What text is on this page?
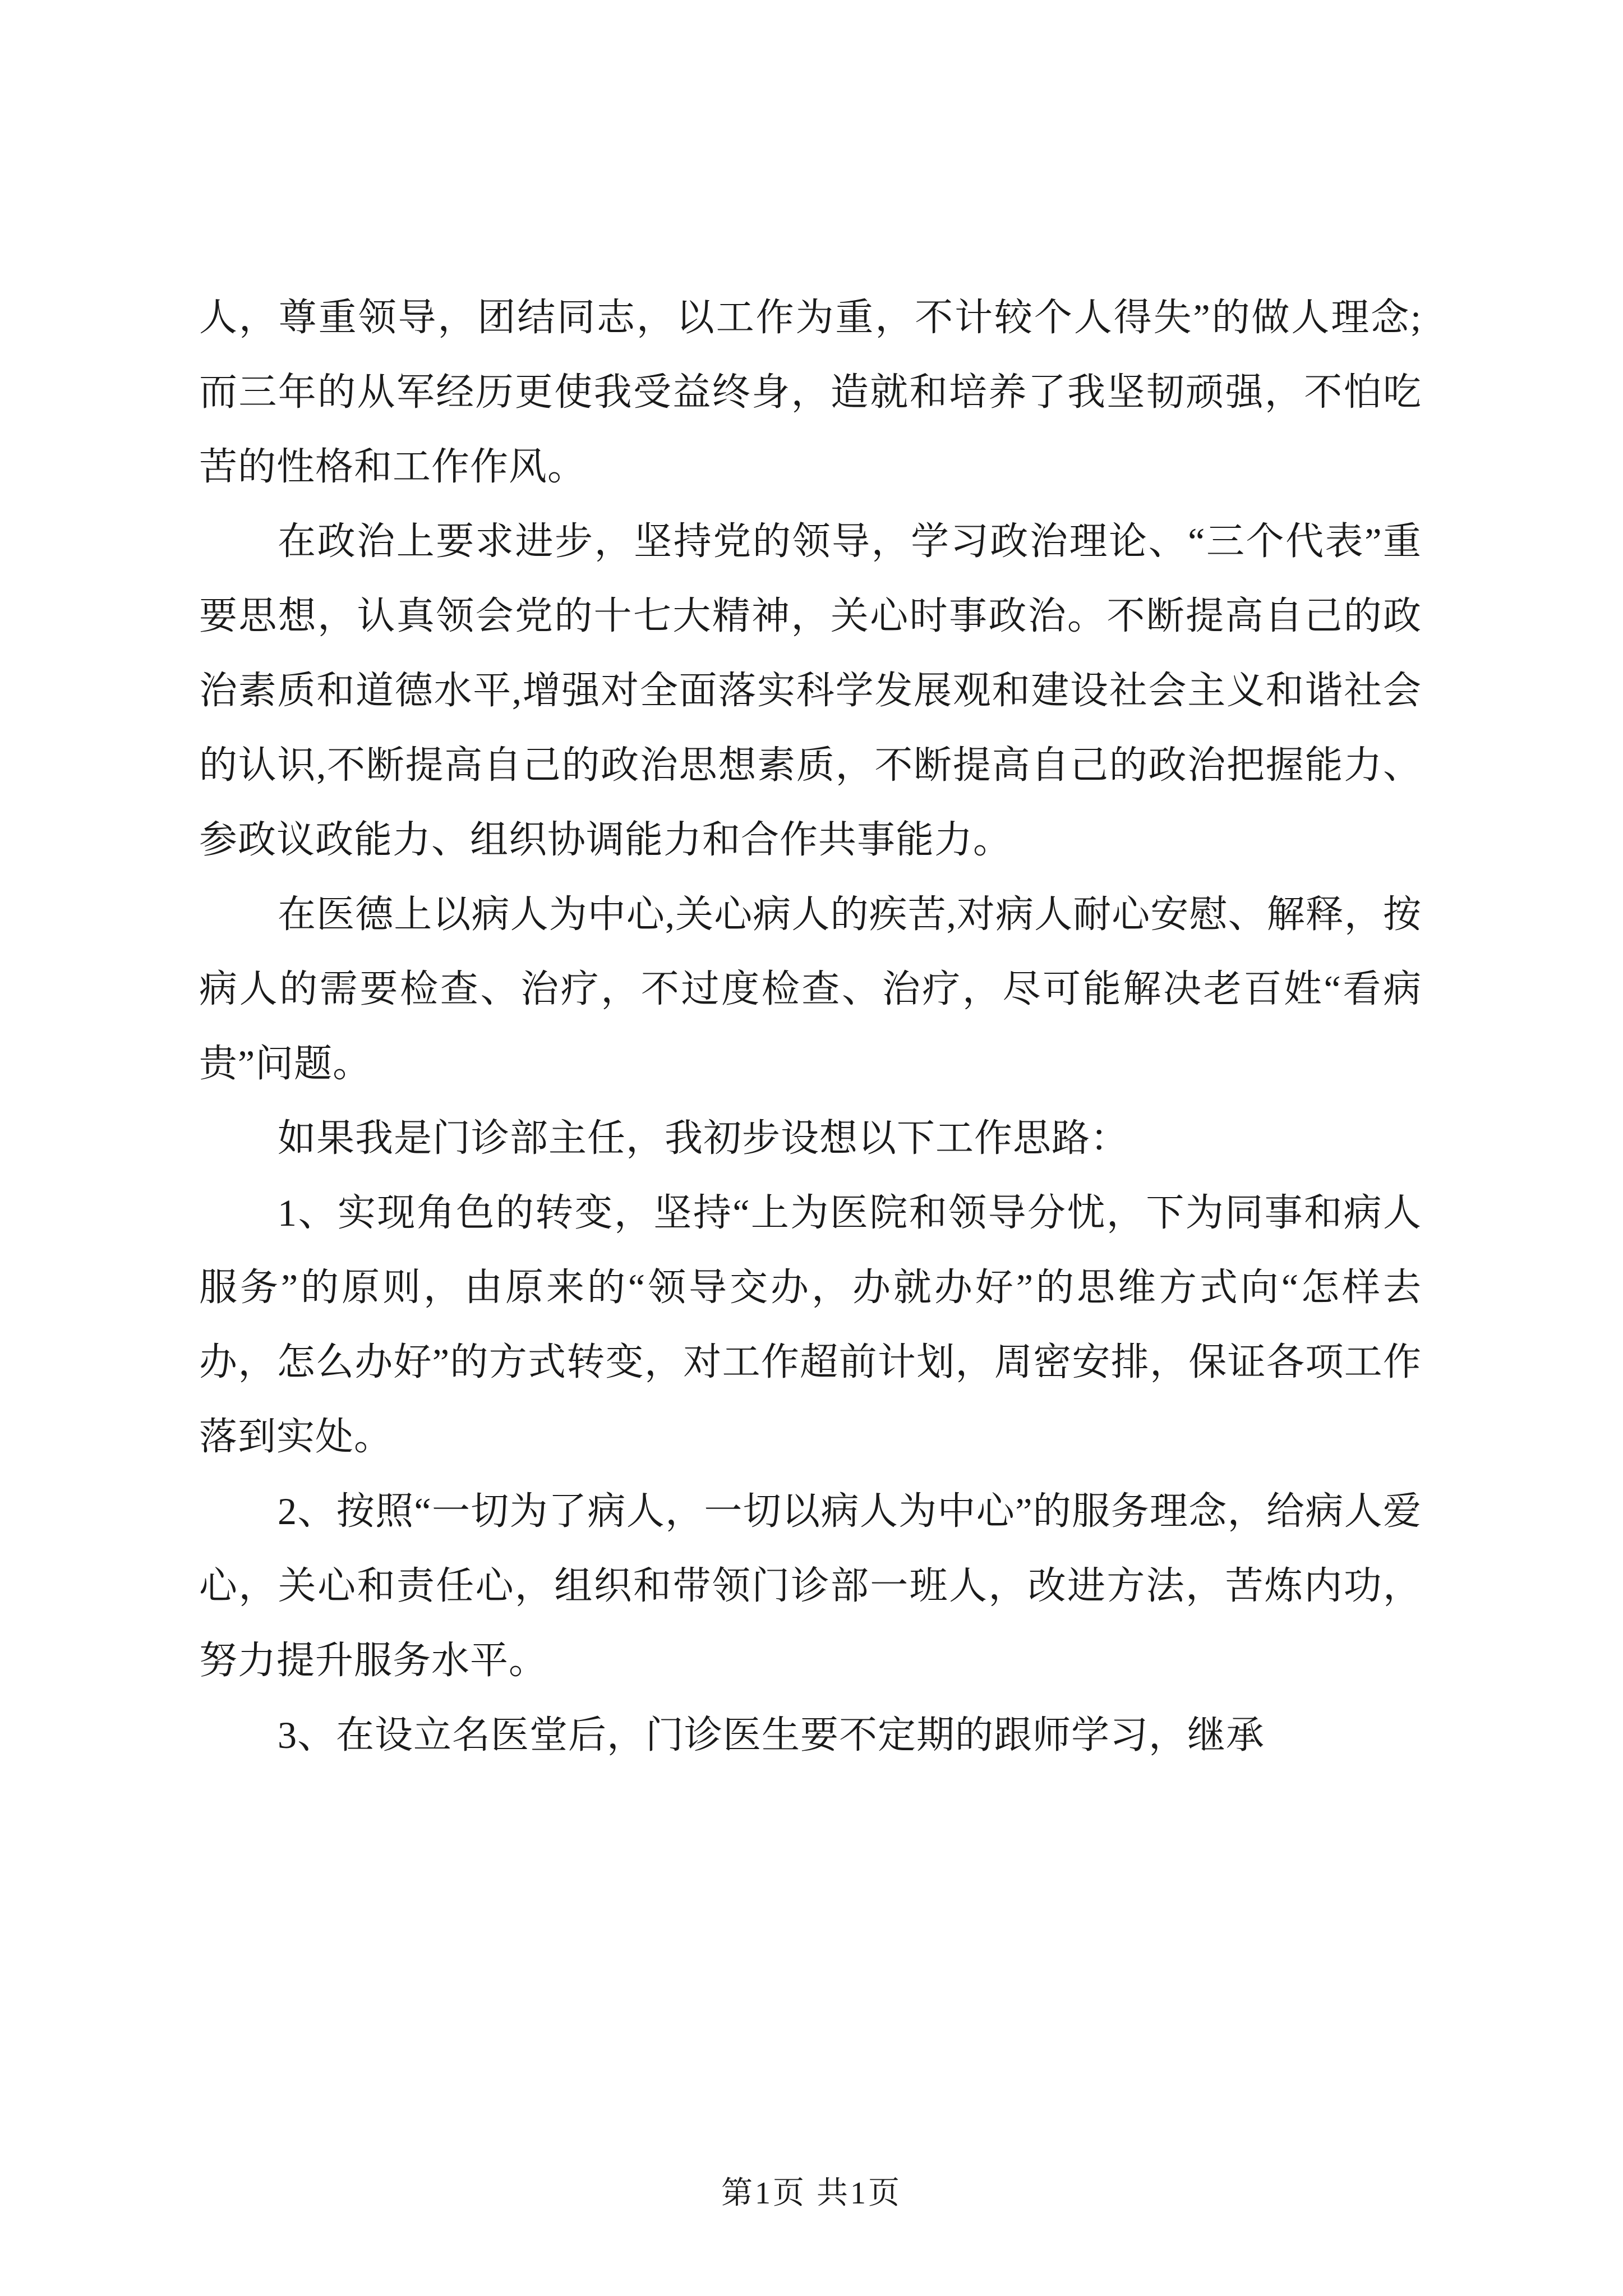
人，尊重领导，团结同志，以工作为重，不计较个人得失”的做人理念;而三年的从军经历更使我受益终身，造就和培养了我坚韧顽强，不怕吃苦的性格和工作作风。

在政治上要求进步，坚持党的领导，学习政治理论、“三个代表”重要思想，认真领会党的十七大精神，关心时事政治。不断提高自己的政治素质和道德水平,增强对全面落实科学发展观和建设社会主义和谐社会的认识,不断提高自己的政治思想素质，不断提高自己的政治把握能力、参政议政能力、组织协调能力和合作共事能力。

在医德上以病人为中心,关心病人的疾苦,对病人耐心安慰、解释，按病人的需要检查、治疗，不过度检查、治疗，尽可能解决老百姓“看病贵”问题。

如果我是门诊部主任，我初步设想以下工作思路：

1、实现角色的转变，坚持“上为医院和领导分忧，下为同事和病人服务”的原则，由原来的“领导交办，办就办好”的思维方式向“怎样去办，怎么办好”的方式转变，对工作超前计划，周密安排，保证各项工作落到实处。

2、按照“一切为了病人，一切以病人为中心”的服务理念，给病人爱心，关心和责任心，组织和带领门诊部一班人，改进方法，苦炼内功，努力提升服务水平。

3、在设立名医堂后，门诊医生要不定期的跟师学习，继承

第1页 共1页
